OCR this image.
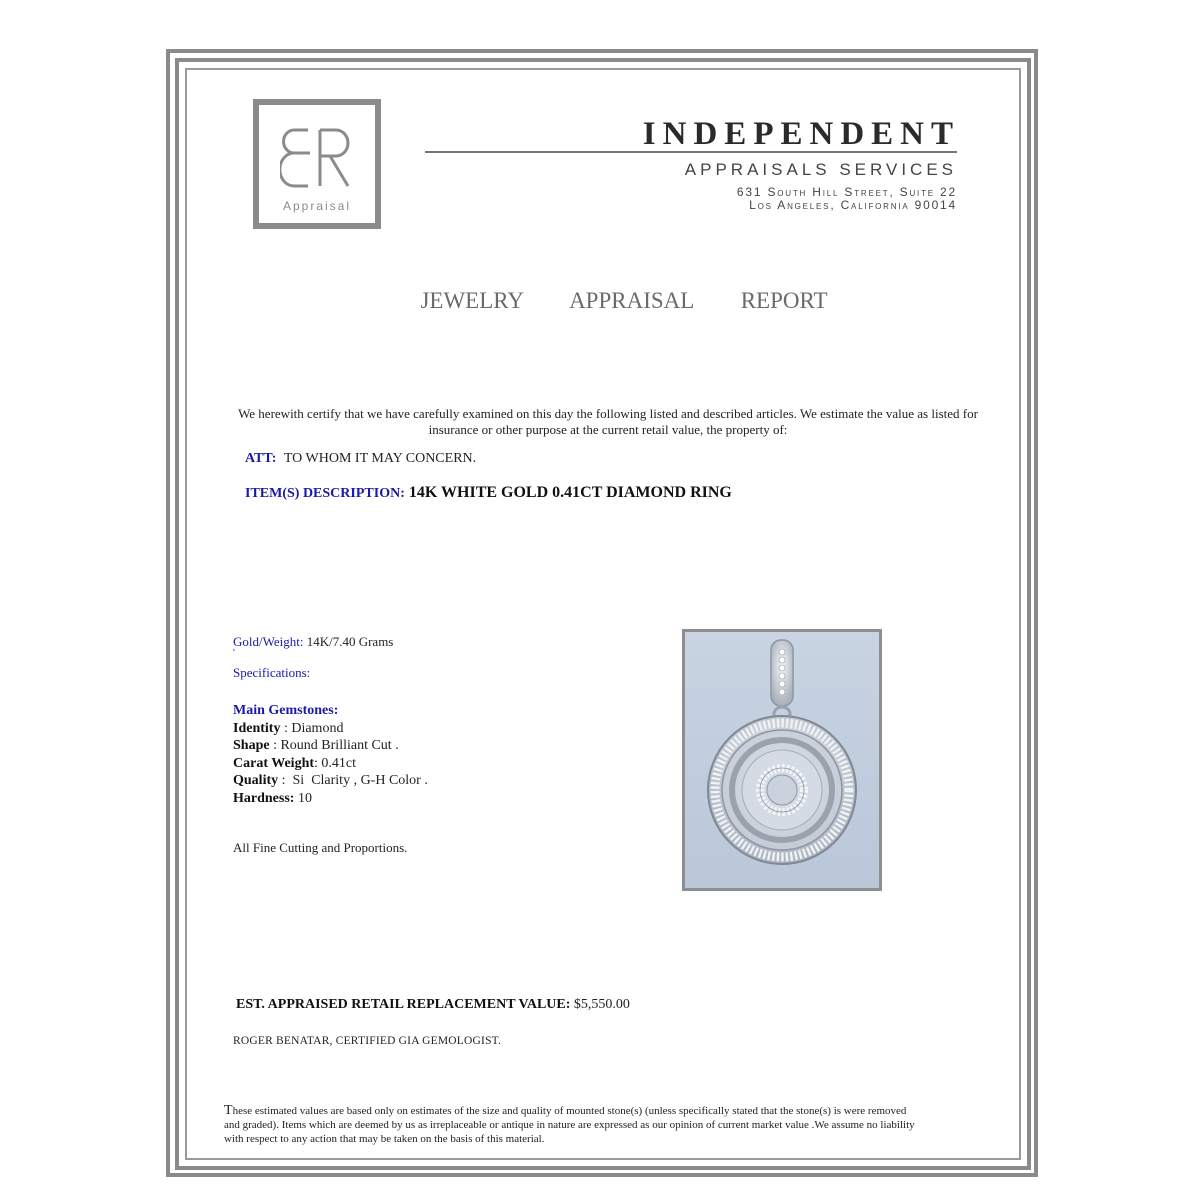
Appraisal
INDEPENDENT
APPRAISALS SERVICES
631 South Hill Street, Suite 22
Los Angeles, California 90014
JEWELRY   APPRAISAL   REPORT
We herewith certify that we have carefully examined on this day the following listed and described articles. We estimate the value as listed for insurance or other purpose at the current retail value, the property of:
ATT: TO WHOM IT MAY CONCERN.
ITEM(S) DESCRIPTION: 14K WHITE GOLD 0.41CT DIAMOND RING
Gold/Weight: 14K/7.40 Grams
'
Specifications:
Main Gemstones:
Identity : Diamond
Shape : Round Brilliant Cut .
Carat Weight: 0.41ct
Quality :  Si  Clarity , G-H Color .
Hardness: 10
All Fine Cutting and Proportions.
EST. APPRAISED RETAIL REPLACEMENT VALUE: $5,550.00
ROGER BENATAR, CERTIFIED GIA GEMOLOGIST.
These estimated values are based only on estimates of the size and quality of mounted stone(s) (unless specifically stated that the stone(s) is were removed and graded). Items which are deemed by us as irreplaceable or antique in nature are expressed as our opinion of current market value .We assume no liability with respect to any action that may be taken on the basis of this material.
